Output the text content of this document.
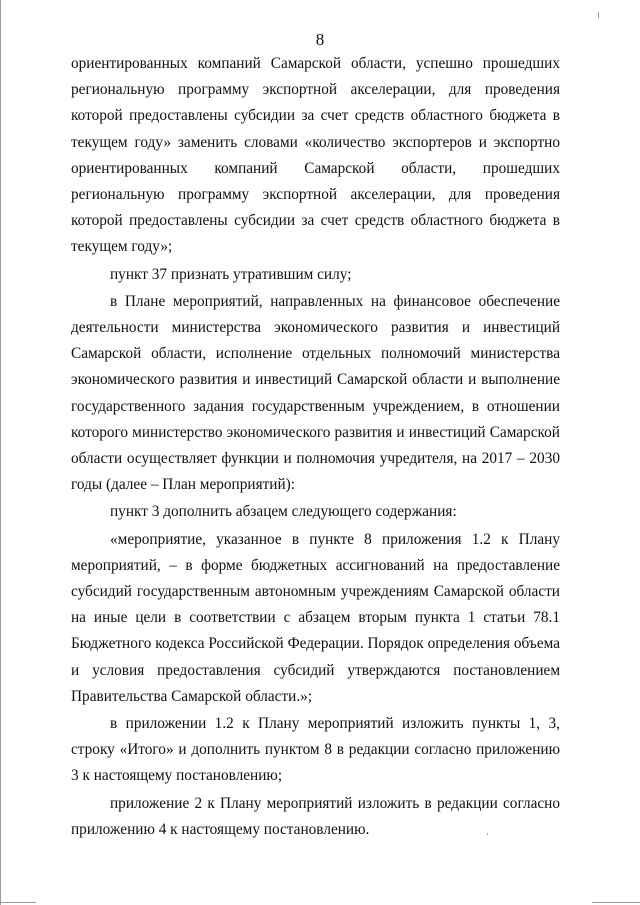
8

ориентированных компаний Самарской области, успешно прошедших региональную программу экспортной акселерации, для проведения которой предоставлены субсидии за счет средств областного бюджета в текущем году» заменить словами «количество экспортеров и экспортно ориентированных компаний Самарской области, прошедших региональную программу экспортной акселерации, для проведения которой предоставлены субсидии за счет средств областного бюджета в текущем году»;

пункт 37 признать утратившим силу;

в Плане мероприятий, направленных на финансовое обеспечение деятельности министерства экономического развития и инвестиций Самарской области, исполнение отдельных полномочий министерства экономического развития и инвестиций Самарской области и выполнение государственного задания государственным учреждением, в отношении которого министерство экономического развития и инвестиций Самарской области осуществляет функции и полномочия учредителя, на 2017 – 2030 годы (далее – План мероприятий):

пункт 3 дополнить абзацем следующего содержания:

«мероприятие, указанное в пункте 8 приложения 1.2 к Плану мероприятий, – в форме бюджетных ассигнований на предоставление субсидий государственным автономным учреждениям Самарской области на иные цели в соответствии с абзацем вторым пункта 1 статьи 78.1 Бюджетного кодекса Российской Федерации. Порядок определения объема и условия предоставления субсидий утверждаются постановлением Правительства Самарской области.»;

в приложении 1.2 к Плану мероприятий изложить пункты 1, 3, строку «Итого» и дополнить пунктом 8 в редакции согласно приложению 3 к настоящему постановлению;

приложение 2 к Плану мероприятий изложить в редакции согласно приложению 4 к настоящему постановлению.
